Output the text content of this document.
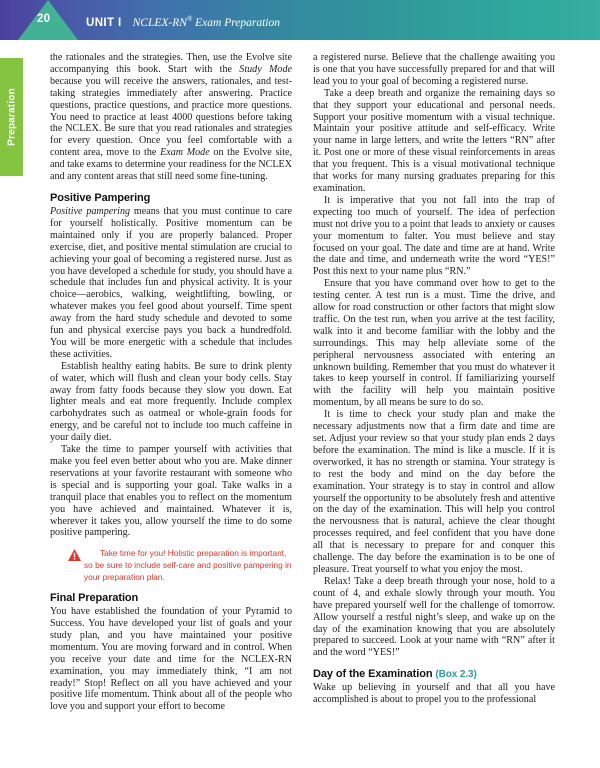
20	UNIT I NCLEX-RN® Exam Preparation
Preparation

the rationales and the strategies. Then, use the Evolve site accompanying this book. Start with the Study Mode because you will receive the answers, rationales, and test-taking strategies immediately after answering. Practice questions, practice questions, and practice more questions. You need to practice at least 4000 questions before taking the NCLEX. Be sure that you read rationales and strategies for every question. Once you feel comfortable with a content area, move to the Exam Mode on the Evolve site, and take exams to determine your readiness for the NCLEX and any content areas that still need some fine-tuning.

Positive Pampering

Positive pampering means that you must continue to care for yourself holistically. Positive momentum can be maintained only if you are properly balanced. Proper exercise, diet, and positive mental stimulation are crucial to achieving your goal of becoming a registered nurse. Just as you have developed a schedule for study, you should have a schedule that includes fun and physical activity. It is your choice—aerobics, walking, weightlifting, bowling, or whatever makes you feel good about yourself. Time spent away from the hard study schedule and devoted to some fun and physical exercise pays you back a hundredfold. You will be more energetic with a schedule that includes these activities.

Establish healthy eating habits. Be sure to drink plenty of water, which will flush and clean your body cells. Stay away from fatty foods because they slow you down. Eat lighter meals and eat more frequently. Include complex carbohydrates such as oatmeal or whole-grain foods for energy, and be careful not to include too much caffeine in your daily diet.

Take the time to pamper yourself with activities that make you feel even better about who you are. Make dinner reservations at your favorite restaurant with someone who is special and is supporting your goal. Take walks in a tranquil place that enables you to reflect on the momentum you have achieved and maintained. Whatever it is, wherever it takes you, allow yourself the time to do some positive pampering.

Take time for you! Holistic preparation is important, so be sure to include self-care and positive pampering in your preparation plan.
Final Preparation

You have established the foundation of your Pyramid to Success. You have developed your list of goals and your study plan, and you have maintained your positive momentum. You are moving forward and in control. When you receive your date and time for the NCLEX-RN examination, you may immediately think, “I am not ready!” Stop! Reflect on all you have achieved and your positive life momentum. Think about all of the people who love you and support your effort to become

a registered nurse. Believe that the challenge awaiting you is one that you have successfully prepared for and that will lead you to your goal of becoming a registered nurse.

Take a deep breath and organize the remaining days so that they support your educational and personal needs. Support your positive momentum with a visual technique. Maintain your positive attitude and self-efficacy. Write your name in large letters, and write the letters “RN” after it. Post one or more of these visual reinforcements in areas that you frequent. This is a visual motivational technique that works for many nursing graduates preparing for this examination.

It is imperative that you not fall into the trap of expecting too much of yourself. The idea of perfection must not drive you to a point that leads to anxiety or causes your momentum to falter. You must believe and stay focused on your goal. The date and time are at hand. Write the date and time, and underneath write the word “YES!” Post this next to your name plus “RN.”

Ensure that you have command over how to get to the testing center. A test run is a must. Time the drive, and allow for road construction or other factors that might slow traffic. On the test run, when you arrive at the test facility, walk into it and become familiar with the lobby and the surroundings. This may help alleviate some of the peripheral nervousness associated with entering an unknown building. Remember that you must do whatever it takes to keep yourself in control. If familiarizing yourself with the facility will help you maintain positive momentum, by all means be sure to do so.

It is time to check your study plan and make the necessary adjustments now that a firm date and time are set. Adjust your review so that your study plan ends 2 days before the examination. The mind is like a muscle. If it is overworked, it has no strength or stamina. Your strategy is to rest the body and mind on the day before the examination. Your strategy is to stay in control and allow yourself the opportunity to be absolutely fresh and attentive on the day of the examination. This will help you control the nervousness that is natural, achieve the clear thought processes required, and feel confident that you have done all that is necessary to prepare for and conquer this challenge. The day before the examination is to be one of pleasure. Treat yourself to what you enjoy the most.

Relax! Take a deep breath through your nose, hold to a count of 4, and exhale slowly through your mouth. You have prepared yourself well for the challenge of tomorrow. Allow yourself a restful night’s sleep, and wake up on the day of the examination knowing that you are absolutely prepared to succeed. Look at your name with “RN” after it and the word “YES!”

Day of the Examination (Box 2.3)

Wake up believing in yourself and that all you have accomplished is about to propel you to the professional
